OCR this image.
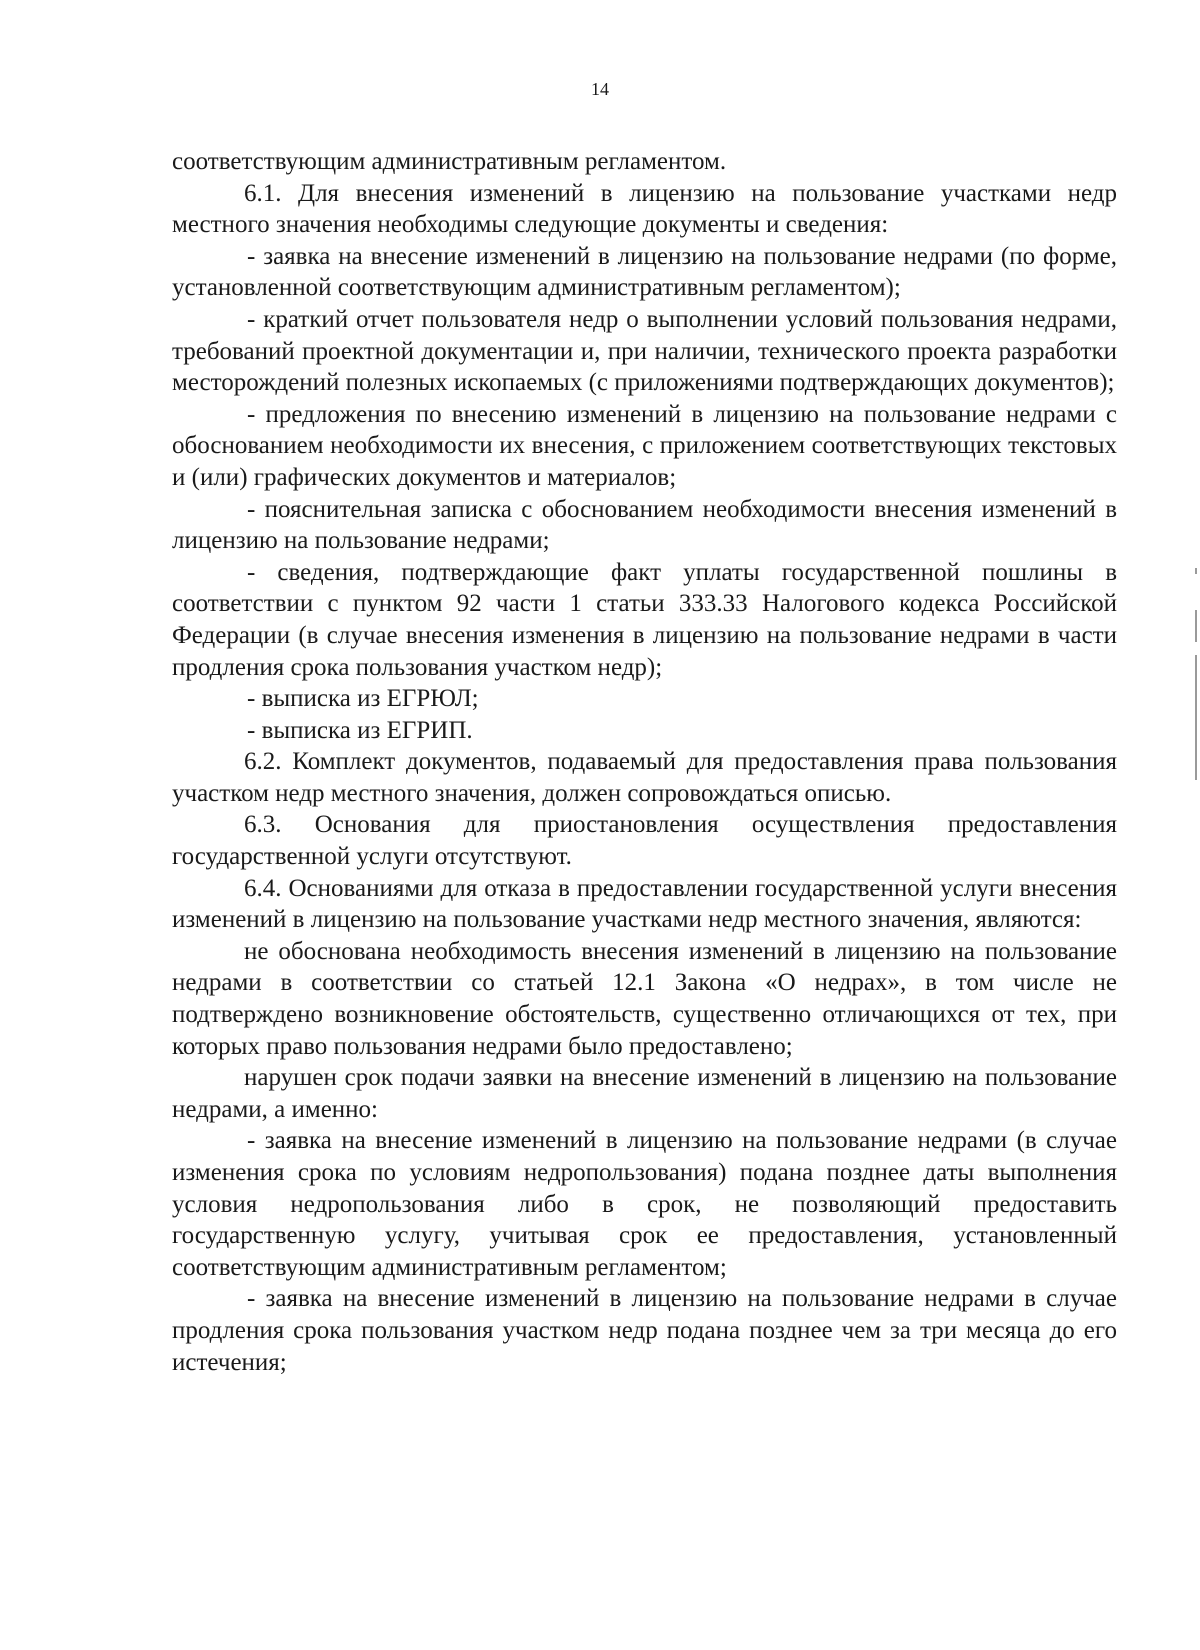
14

соответствующим административным регламентом.

6.1. Для внесения изменений в лицензию на пользование участками недр местного значения необходимы следующие документы и сведения:

- заявка на внесение изменений в лицензию на пользование недрами (по форме, установленной соответствующим административным регламентом);

- краткий отчет пользователя недр о выполнении условий пользования недрами, требований проектной документации и, при наличии, технического проекта разработки месторождений полезных ископаемых (с приложениями подтверждающих документов);

- предложения по внесению изменений в лицензию на пользование недрами с обоснованием необходимости их внесения, с приложением соответствующих текстовых и (или) графических документов и материалов;

- пояснительная записка с обоснованием необходимости внесения изменений в лицензию на пользование недрами;

- сведения, подтверждающие факт уплаты государственной пошлины в соответствии с пунктом 92 части 1 статьи 333.33 Налогового кодекса Российской Федерации (в случае внесения изменения в лицензию на пользование недрами в части продления срока пользования участком недр);

- выписка из ЕГРЮЛ;

- выписка из ЕГРИП.

6.2. Комплект документов, подаваемый для предоставления права пользования участком недр местного значения, должен сопровождаться описью.

6.3. Основания для приостановления осуществления предоставления государственной услуги отсутствуют.

6.4. Основаниями для отказа в предоставлении государственной услуги внесения изменений в лицензию на пользование участками недр местного значения, являются:

не обоснована необходимость внесения изменений в лицензию на пользование недрами в соответствии со статьей 12.1 Закона «О недрах», в том числе не подтверждено возникновение обстоятельств, существенно отличающихся от тех, при которых право пользования недрами было предоставлено;

нарушен срок подачи заявки на внесение изменений в лицензию на пользование недрами, а именно:

- заявка на внесение изменений в лицензию на пользование недрами (в случае изменения срока по условиям недропользования) подана позднее даты выполнения условия недропользования либо в срок, не позволяющий предоставить государственную услугу, учитывая срок ее предоставления, установленный соответствующим административным регламентом;

- заявка на внесение изменений в лицензию на пользование недрами в случае продления срока пользования участком недр подана позднее чем за три месяца до его истечения;
